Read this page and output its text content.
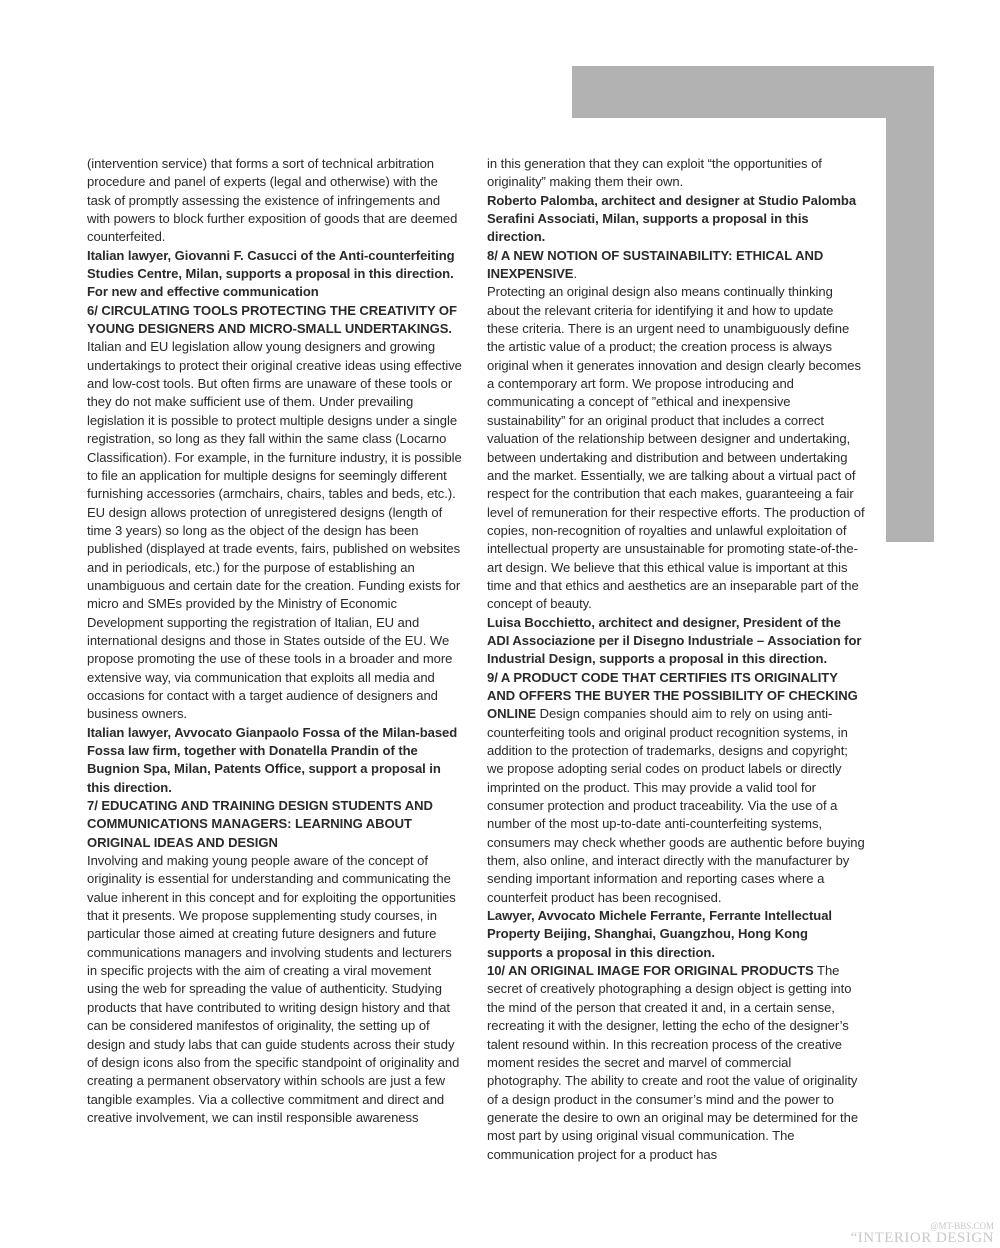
(intervention service) that forms a sort of technical arbitration procedure and panel of experts (legal and otherwise) with the task of promptly assessing the existence of infringements and with powers to block further exposition of goods that are deemed counterfeited.

Italian lawyer, Giovanni F. Casucci of the Anti-counterfeiting Studies Centre, Milan, supports a proposal in this direction.

For new and effective communication

6/ CIRCULATING TOOLS PROTECTING THE CREATIVITY OF YOUNG DESIGNERS AND MICRO-SMALL UNDERTAKINGS.

Italian and EU legislation allow young designers and growing undertakings to protect their original creative ideas using effective and low-cost tools. But often firms are unaware of these tools or they do not make sufficient use of them. Under prevailing legislation it is possible to protect multiple designs under a single registration, so long as they fall within the same class (Locarno Classification). For example, in the furniture industry, it is possible to file an application for multiple designs for seemingly different furnishing accessories (armchairs, chairs, tables and beds, etc.). EU design allows protection of unregistered designs (length of time 3 years) so long as the object of the design has been published (displayed at trade events, fairs, published on websites and in periodicals, etc.) for the purpose of establishing an unambiguous and certain date for the creation. Funding exists for micro and SMEs provided by the Ministry of Economic Development supporting the registration of Italian, EU and international designs and those in States outside of the EU. We propose promoting the use of these tools in a broader and more extensive way, via communication that exploits all media and occasions for contact with a target audience of designers and business owners.

Italian lawyer, Avvocato Gianpaolo Fossa of the Milan-based Fossa law firm, together with Donatella Prandin of the Bugnion Spa, Milan, Patents Office, support a proposal in this direction.

7/ EDUCATING AND TRAINING DESIGN STUDENTS AND COMMUNICATIONS MANAGERS: LEARNING ABOUT ORIGINAL IDEAS AND DESIGN

Involving and making young people aware of the concept of originality is essential for understanding and communicating the value inherent in this concept and for exploiting the opportunities that it presents. We propose supplementing study courses, in particular those aimed at creating future designers and future communications managers and involving students and lecturers in specific projects with the aim of creating a viral movement using the web for spreading the value of authenticity. Studying products that have contributed to writing design history and that can be considered manifestos of originality, the setting up of design and study labs that can guide students across their study of design icons also from the specific standpoint of originality and creating a permanent observatory within schools are just a few tangible examples. Via a collective commitment and direct and creative involvement, we can instil responsible awareness

in this generation that they can exploit “the opportunities of originality” making them their own.

Roberto Palomba, architect and designer at Studio Palomba Serafini Associati, Milan, supports a proposal in this direction.

8/ A NEW NOTION OF SUSTAINABILITY: ETHICAL AND INEXPENSIVE.

Protecting an original design also means continually thinking about the relevant criteria for identifying it and how to update these criteria. There is an urgent need to unambiguously define the artistic value of a product; the creation process is always original when it generates innovation and design clearly becomes a contemporary art form. We propose introducing and communicating a concept of ”ethical and inexpensive sustainability” for an original product that includes a correct valuation of the relationship between designer and undertaking, between undertaking and distribution and between undertaking and the market. Essentially, we are talking about a virtual pact of respect for the contribution that each makes, guaranteeing a fair level of remuneration for their respective efforts. The production of copies, non-recognition of royalties and unlawful exploitation of intellectual property are unsustainable for promoting state-of-the-art design. We believe that this ethical value is important at this time and that ethics and aesthetics are an inseparable part of the concept of beauty.

Luisa Bocchietto, architect and designer, President of the ADI Associazione per il Disegno Industriale – Association for Industrial Design, supports a proposal in this direction.

9/ A PRODUCT CODE THAT CERTIFIES ITS ORIGINALITY AND OFFERS THE BUYER THE POSSIBILITY OF CHECKING ONLINE Design companies should aim to rely on using anti-counterfeiting tools and original product recognition systems, in addition to the protection of trademarks, designs and copyright; we propose adopting serial codes on product labels or directly imprinted on the product. This may provide a valid tool for consumer protection and product traceability. Via the use of a number of the most up-to-date anti-counterfeiting systems, consumers may check whether goods are authentic before buying them, also online, and interact directly with the manufacturer by sending important information and reporting cases where a counterfeit product has been recognised.

Lawyer, Avvocato Michele Ferrante, Ferrante Intellectual Property Beijing, Shanghai, Guangzhou, Hong Kong supports a proposal in this direction.

10/ AN ORIGINAL IMAGE FOR ORIGINAL PRODUCTS The secret of creatively photographing a design object is getting into the mind of the person that created it and, in a certain sense, recreating it with the designer, letting the echo of the designer’s talent resound within. In this recreation process of the creative moment resides the secret and marvel of commercial photography. The ability to create and root the value of originality of a design product in the consumer’s mind and the power to generate the desire to own an original may be determined for the most part by using original visual communication. The communication project for a product has

@MT-BBS.COM
“INTERIOR DESIGN
